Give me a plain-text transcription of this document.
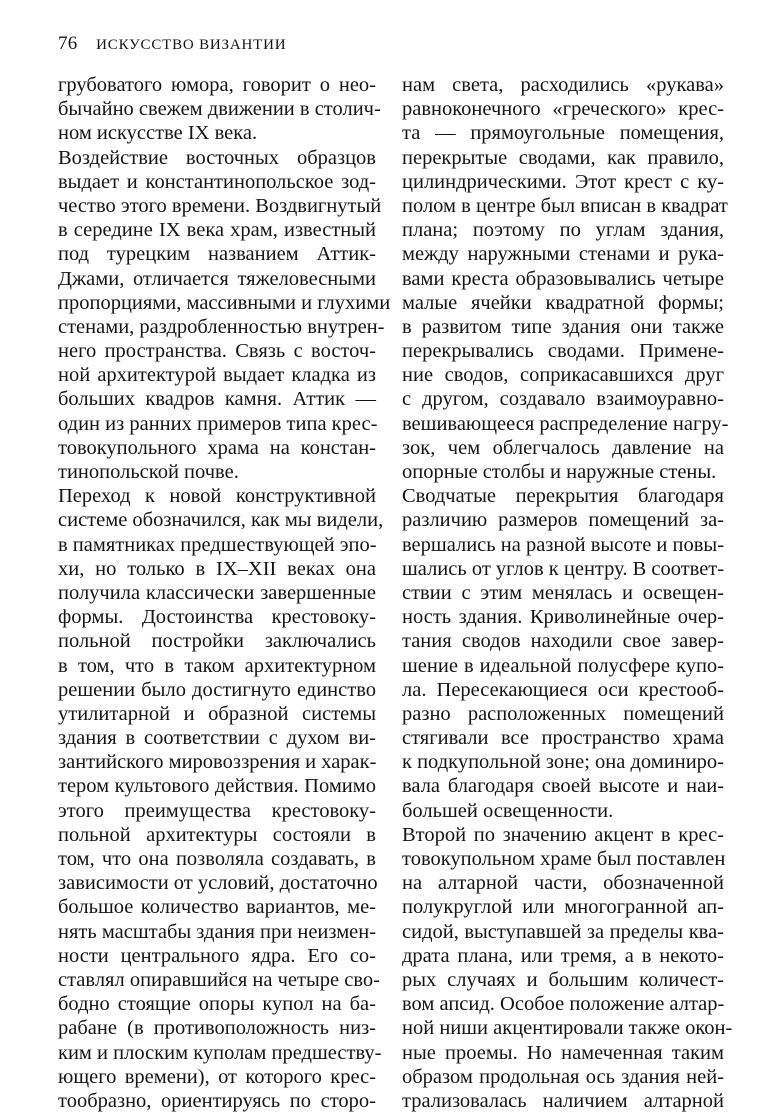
76 ИСКУССТВО ВИЗАНТИИ
грубоватого юмора, говорит о нео-
бычайно свежем движении в столич-
ном искусстве IX века.
Воздействие восточных образцов
выдает и константинопольское зод-
чество этого времени. Воздвигнутый
в середине IX века храм, известный
под турецким названием Аттик-
Джами, отличается тяжеловесными
пропорциями, массивными и глухими
стенами, раздробленностью внутрен-
него пространства. Связь с восточ-
ной архитектурой выдает кладка из
больших квадров камня. Аттик —
один из ранних примеров типа крес-
товокупольного храма на констан-
тинопольской почве.
Переход к новой конструктивной
системе обозначился, как мы видели,
в памятниках предшествующей эпо-
хи, но только в IX–XII веках она
получила классически завершенные
формы. Достоинства крестовоку-
польной постройки заключались
в том, что в таком архитектурном
решении было достигнуто единство
утилитарной и образной системы
здания в соответствии с духом ви-
зантийского мировоззрения и харак-
тером культового действия. Помимо
этого преимущества крестовоку-
польной архитектуры состояли в
том, что она позволяла создавать, в
зависимости от условий, достаточно
большое количество вариантов, ме-
нять масштабы здания при неизмен-
ности центрального ядра. Его со-
ставлял опиравшийся на четыре сво-
бодно стоящие опоры купол на ба-
рабане (в противоположность низ-
ким и плоским куполам предшеству-
ющего времени), от которого крес-
тообразно, ориентируясь по сторо-
нам света, расходились «рукава»
равноконечного «греческого» крес-
та — прямоугольные помещения,
перекрытые сводами, как правило,
цилиндрическими. Этот крест с ку-
полом в центре был вписан в квадрат
плана; поэтому по углам здания,
между наружными стенами и рука-
вами креста образовывались четыре
малые ячейки квадратной формы;
в развитом типе здания они также
перекрывались сводами. Примене-
ние сводов, соприкасавшихся друг
с другом, создавало взаимоуравно-
вешивающееся распределение нагру-
зок, чем облегчалось давление на
опорные столбы и наружные стены.
Сводчатые перекрытия благодаря
различию размеров помещений за-
вершались на разной высоте и повы-
шались от углов к центру. В соответ-
ствии с этим менялась и освещен-
ность здания. Криволинейные очер-
тания сводов находили свое завер-
шение в идеальной полусфере купо-
ла. Пересекающиеся оси крестооб-
разно расположенных помещений
стягивали все пространство храма
к подкупольной зоне; она доминиро-
вала благодаря своей высоте и наи-
большей освещенности.
Второй по значению акцент в крес-
товокупольном храме был поставлен
на алтарной части, обозначенной
полукруглой или многогранной ап-
сидой, выступавшей за пределы ква-
драта плана, или тремя, а в некото-
рых случаях и большим количест-
вом апсид. Особое положение алтар-
ной ниши акцентировали также окон-
ные проемы. Но намеченная таким
образом продольная ось здания ней-
трализовалась наличием алтарной
